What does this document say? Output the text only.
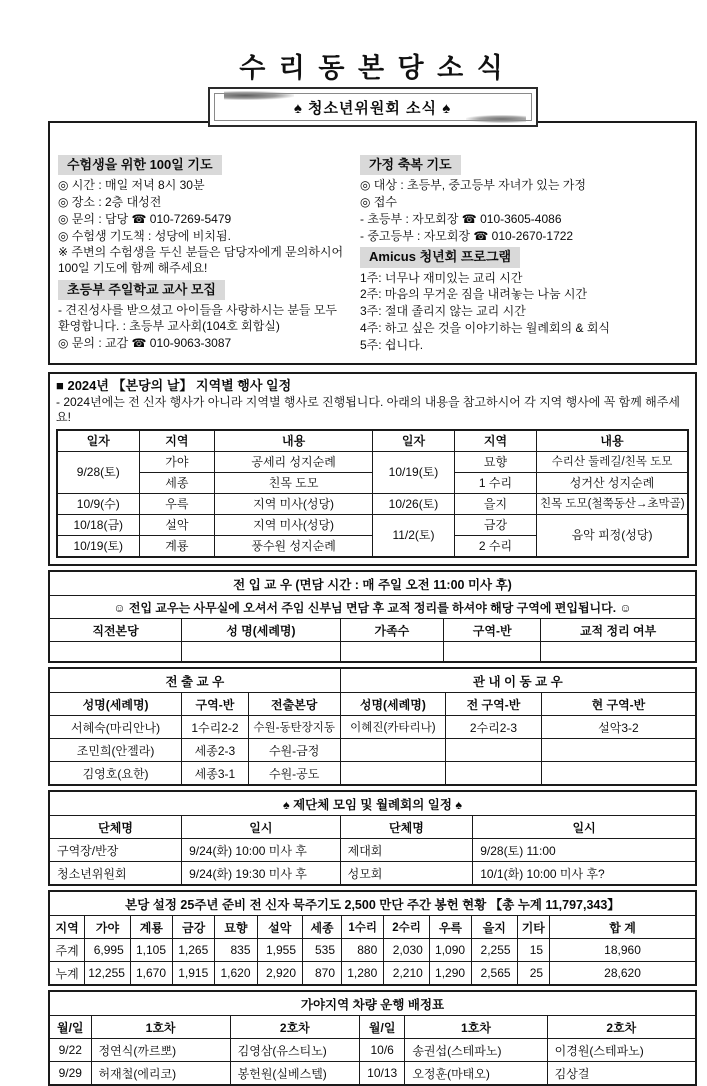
수 리 동 본 당 소 식
♠ 청소년위원회 소식 ♠
수험생을 위한 100일 기도
◎ 시간 : 매일 저녁 8시 30분
◎ 장소 : 2층 대성전
◎ 문의 : 담당 ☎ 010-7269-5479
◎ 수험생 기도책 : 성당에 비치됨.
※ 주변의 수험생을 두신 분들은 담당자에게 문의하시어 100일 기도에 함께 해주세요!
초등부 주일학교 교사 모집
- 견진성사를 받으셨고 아이들을 사랑하시는 분들 모두 환영합니다. : 초등부 교사회(104호 회합실)
◎ 문의 : 교감 ☎ 010-9063-3087
가정 축복 기도
◎ 대상 : 초등부, 중고등부 자녀가 있는 가정
◎ 접수
- 초등부 : 자모회장 ☎ 010-3605-4086
- 중고등부 : 자모회장 ☎ 010-2670-1722
Amicus 청년회 프로그램
1주: 너무나 재미있는 교리 시간
2주: 마음의 무거운 짐을 내려놓는 나눔 시간
3주: 절대 졸리지 않는 교리 시간
4주: 하고 싶은 것을 이야기하는 월례회의 & 회식
5주: 쉽니다.
■ 2024년 【본당의 날】 지역별 행사 일정
- 2024년에는 전 신자 행사가 아니라 지역별 행사로 진행됩니다. 아래의 내용을 참고하시어 각 지역 행사에 꼭 함께 해주세요!
일자	지역	내용	일자	지역	내용
9/28(토)	가야	공세리 성지순례	10/19(토)	묘향	수리산 둘레길/친목 도모
	세종	친목 도모		1 수리	성거산 성지순례
10/9(수)	우륵	지역 미사(성당)	10/26(토)	을지	친목 도모(철쭉동산→초막골)
10/18(금)	설악	지역 미사(성당)	11/2(토)	금강	음악 피정(성당)
10/19(토)	계룡	풍수원 성지순례		2 수리	
전 입 교 우 (면담 시간 : 매 주일 오전 11:00 미사 후)				
☺ 전입 교우는 사무실에 오셔서 주임 신부님 면담 후 교적 정리를 하셔야 해당 구역에 편입됩니다. ☺				
직전본당	성 명(세례명)	가족수	구역-반	교적 정리 여부

전 출 교 우			관 내 이 동 교 우		
성명(세례명)	구역-반	전출본당	성명(세례명)	전 구역-반	현 구역-반
서혜숙(마리안나)	1수리2-2	수원-동탄장지동	이혜진(카타리나)	2수리2-3	설악3-2
조민희(안젤라)	세종2-3	수원-금정			
김영호(요한)	세종3-1	수원-공도			
♠ 제단체 모임 및 월례회의 일정 ♠			
단체명	일시	단체명	일시
구역장/반장	9/24(화) 10:00 미사 후	제대회	9/28(토) 11:00
청소년위원회	9/24(화) 19:30 미사 후	성모회	10/1(화) 10:00 미사 후?
본당 설정 25주년 준비 전 신자 묵주기도 2,500 만단 주간 봉헌 현황 【총 누계 11,797,343】												
지역	가야	계룡	금강	묘향	설악	세종	1수리	2수리	우륵	을지	기타	합 계
주계	6,995	1,105	1,265	835	1,955	535	880	2,030	1,090	2,255	15	18,960
누계	12,255	1,670	1,915	1,620	2,920	870	1,280	2,210	1,290	2,565	25	28,620
가야지역 차량 운행 배정표					
월/일	1호차	2호차	월/일	1호차	2호차
9/22	정연식(까르뽀)	김영삼(유스티노)	10/6	송권섭(스테파노)	이경원(스테파노)
9/29	허재철(에리코)	봉헌원(실베스텔)	10/13	오정훈(마태오)	김상걸
